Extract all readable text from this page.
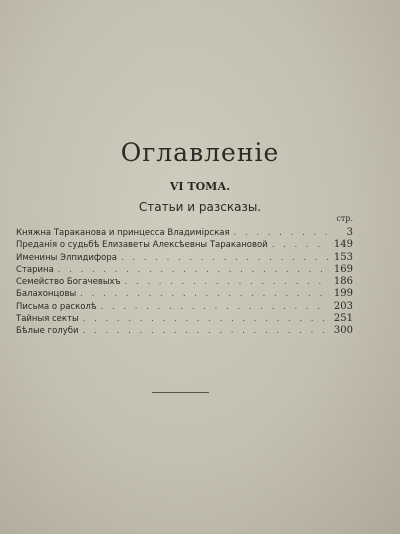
Оглавленiе
VI ТОМА.
Статьи и разсказы.
стр.
Княжна Тараканова и принцесса Владимiрская . . .	3
Преданiя о судьбѣ Елизаветы Алексѣевны Таракановой . . .	149
Именины Элпидифора . . .	153
Старина . . .	169
Семейство Богачевыхъ . . .	186
Балахонцовы . . .	199
Письма о расколѣ . . .	203
Тайныя секты . . .	251
Бѣлые голуби . . .	300
